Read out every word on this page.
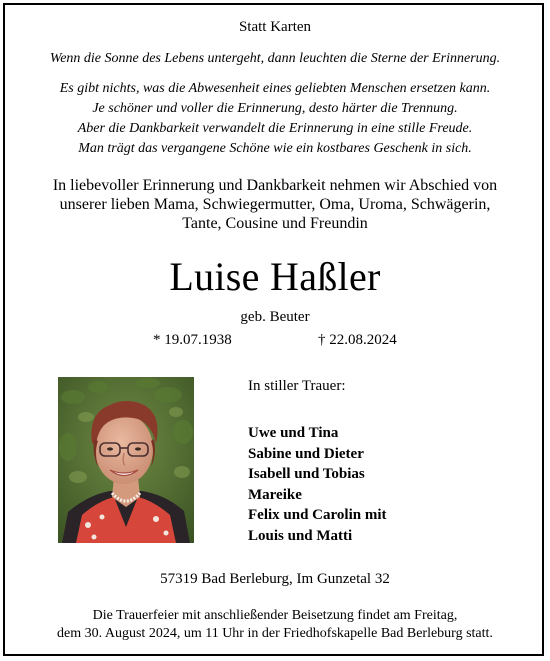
Statt Karten
Wenn die Sonne des Lebens untergeht, dann leuchten die Sterne der Erinnerung.
Es gibt nichts, was die Abwesenheit eines geliebten Menschen ersetzen kann.
Je schöner und voller die Erinnerung, desto härter die Trennung.
Aber die Dankbarkeit verwandelt die Erinnerung in eine stille Freude.
Man trägt das vergangene Schöne wie ein kostbares Geschenk in sich.
In liebevoller Erinnerung und Dankbarkeit nehmen wir Abschied von
unserer lieben Mama, Schwiegermutter, Oma, Uroma, Schwägerin,
Tante, Cousine und Freundin
Luise Haßler
geb. Beuter
* 19.07.1938	† 22.08.2024
In stiller Trauer:
Uwe und Tina
Sabine und Dieter
Isabell und Tobias
Mareike
Felix und Carolin mit
Louis und Matti
57319 Bad Berleburg, Im Gunzetal 32
Die Trauerfeier mit anschließender Beisetzung findet am Freitag,
dem 30. August 2024, um 11 Uhr in der Friedhofskapelle Bad Berleburg statt.
